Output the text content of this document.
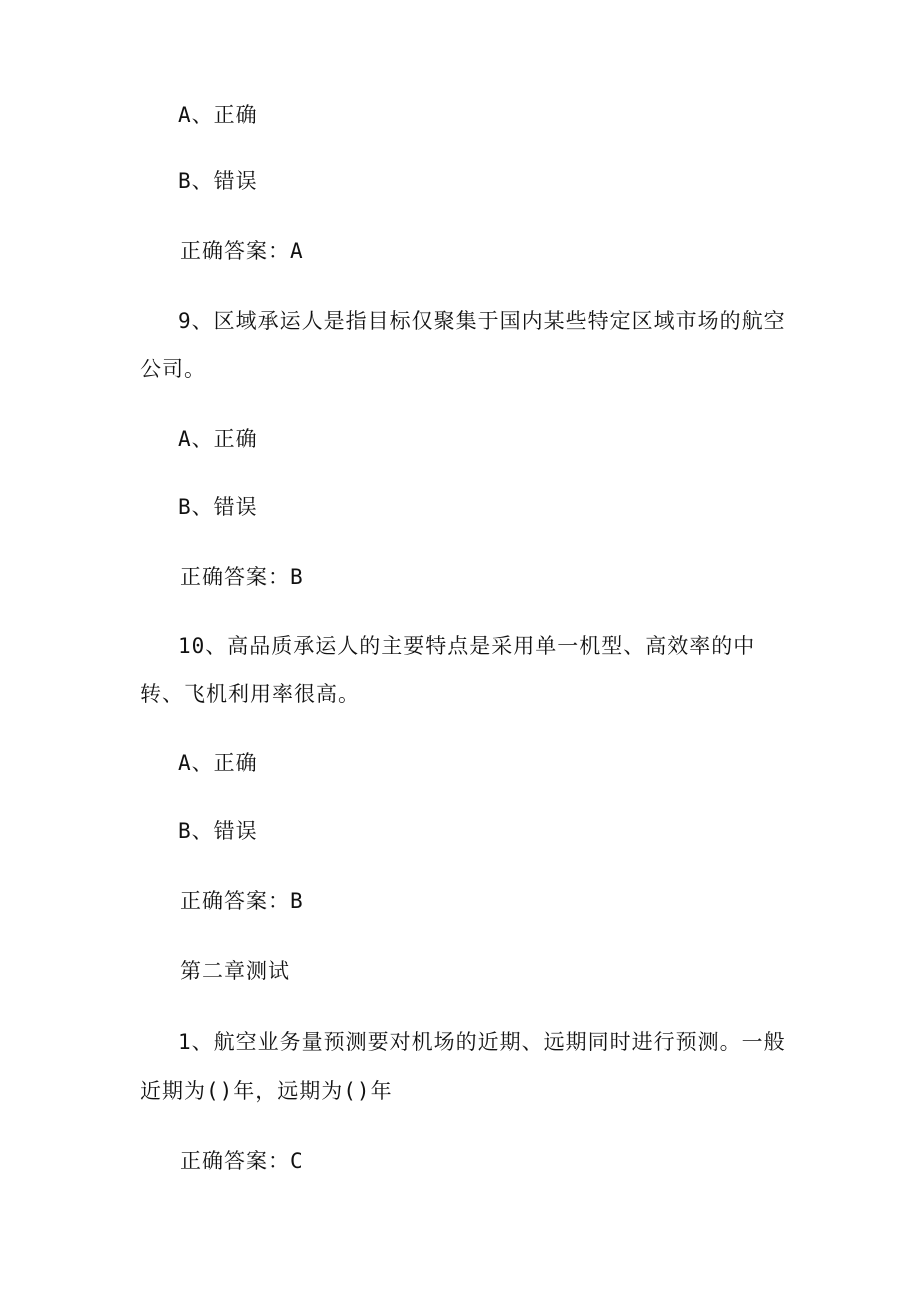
A、正确
B、错误
正确答案：A
9、区域承运人是指目标仅聚集于国内某些特定区域市场的航空
公司。
A、正确
B、错误
正确答案：B
10、高品质承运人的主要特点是采用单一机型、高效率的中
转、飞机利用率很高。
A、正确
B、错误
正确答案：B
第二章测试
1、航空业务量预测要对机场的近期、远期同时进行预测。一般
近期为()年，远期为()年
正确答案：C
